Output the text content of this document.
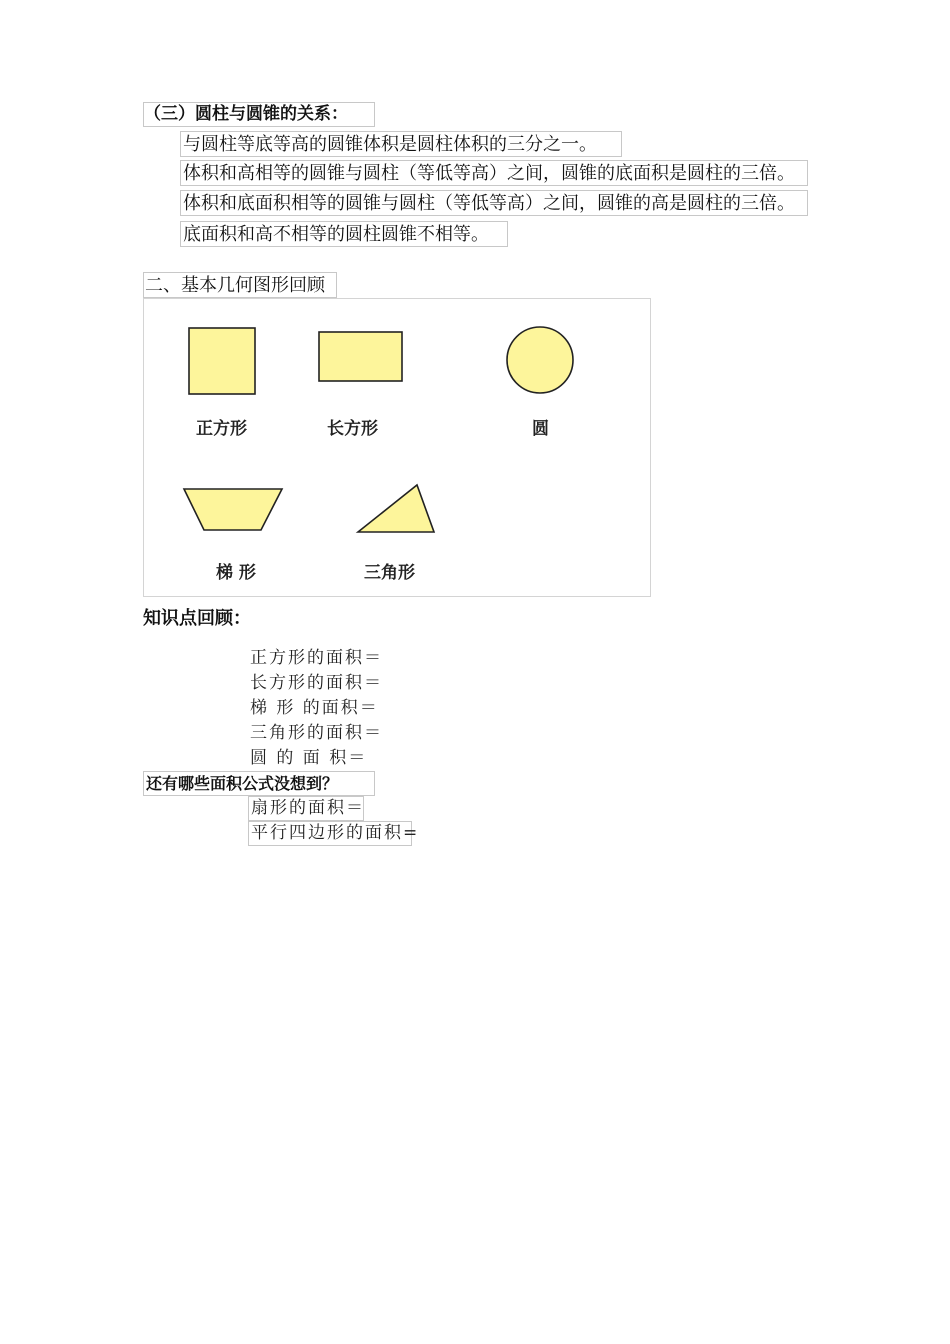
（三）圆柱与圆锥的关系：
与圆柱等底等高的圆锥体积是圆柱体积的三分之一。
体积和高相等的圆锥与圆柱（等低等高）之间，圆锥的底面积是圆柱的三倍。
体积和底面积相等的圆锥与圆柱（等低等高）之间，圆锥的高是圆柱的三倍。
底面积和高不相等的圆柱圆锥不相等。
二、基本几何图形回顾
正方形	长方形	圆
梯 形	三角形
知识点回顾：
正方形的面积＝
长方形的面积＝
梯 形 的面积＝
三角形的面积＝
圆 的 面 积＝
还有哪些面积公式没想到？
扇形的面积＝
平行四边形的面积=
